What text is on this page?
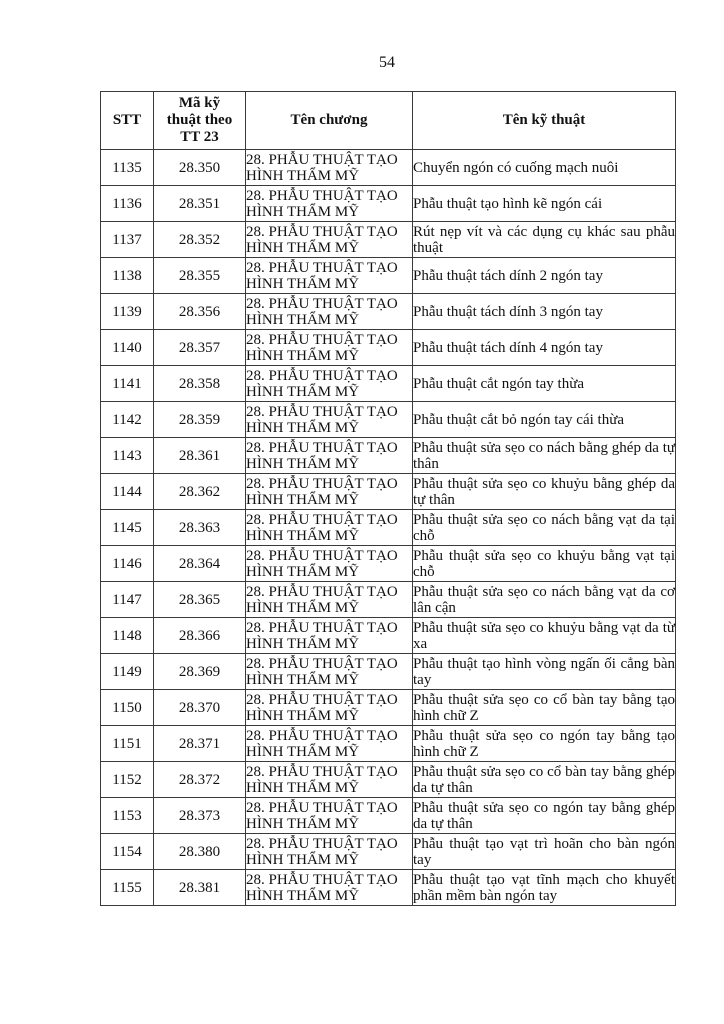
54
STT	Mã kỹ thuật theo TT 23	Tên chương	Tên kỹ thuật
1135	28.350	28. PHẪU THUẬT TẠO HÌNH THẨM MỸ	Chuyển ngón có cuống mạch nuôi
1136	28.351	28. PHẪU THUẬT TẠO HÌNH THẨM MỸ	Phẫu thuật tạo hình kẽ ngón cái
1137	28.352	28. PHẪU THUẬT TẠO HÌNH THẨM MỸ	Rút nẹp vít và các dụng cụ khác sau phẫu thuật
1138	28.355	28. PHẪU THUẬT TẠO HÌNH THẨM MỸ	Phẫu thuật tách dính 2 ngón tay
1139	28.356	28. PHẪU THUẬT TẠO HÌNH THẨM MỸ	Phẫu thuật tách dính 3 ngón tay
1140	28.357	28. PHẪU THUẬT TẠO HÌNH THẨM MỸ	Phẫu thuật tách dính 4 ngón tay
1141	28.358	28. PHẪU THUẬT TẠO HÌNH THẨM MỸ	Phẫu thuật cắt ngón tay thừa
1142	28.359	28. PHẪU THUẬT TẠO HÌNH THẨM MỸ	Phẫu thuật cắt bỏ ngón tay cái thừa
1143	28.361	28. PHẪU THUẬT TẠO HÌNH THẨM MỸ	Phẫu thuật sửa sẹo co nách bằng ghép da tự thân
1144	28.362	28. PHẪU THUẬT TẠO HÌNH THẨM MỸ	Phẫu thuật sửa sẹo co khuỷu bằng ghép da tự thân
1145	28.363	28. PHẪU THUẬT TẠO HÌNH THẨM MỸ	Phẫu thuật sửa sẹo co nách bằng vạt da tại chỗ
1146	28.364	28. PHẪU THUẬT TẠO HÌNH THẨM MỸ	Phẫu thuật sửa sẹo co khuỷu bằng vạt tại chỗ
1147	28.365	28. PHẪU THUẬT TẠO HÌNH THẨM MỸ	Phẫu thuật sửa sẹo co nách bằng vạt da cơ lân cận
1148	28.366	28. PHẪU THUẬT TẠO HÌNH THẨM MỸ	Phẫu thuật sửa sẹo co khuỷu bằng vạt da từ xa
1149	28.369	28. PHẪU THUẬT TẠO HÌNH THẨM MỸ	Phẫu thuật tạo hình vòng ngấn ối cẳng bàn tay
1150	28.370	28. PHẪU THUẬT TẠO HÌNH THẨM MỸ	Phẫu thuật sửa sẹo co cổ bàn tay bằng tạo hình chữ Z
1151	28.371	28. PHẪU THUẬT TẠO HÌNH THẨM MỸ	Phẫu thuật sửa sẹo co ngón tay bằng tạo hình chữ Z
1152	28.372	28. PHẪU THUẬT TẠO HÌNH THẨM MỸ	Phẫu thuật sửa sẹo co cổ bàn tay bằng ghép da tự thân
1153	28.373	28. PHẪU THUẬT TẠO HÌNH THẨM MỸ	Phẫu thuật sửa sẹo co ngón tay bằng ghép da tự thân
1154	28.380	28. PHẪU THUẬT TẠO HÌNH THẨM MỸ	Phẫu thuật tạo vạt trì hoãn cho bàn ngón tay
1155	28.381	28. PHẪU THUẬT TẠO HÌNH THẨM MỸ	Phẫu thuật tạo vạt tĩnh mạch cho khuyết phần mềm bàn ngón tay
